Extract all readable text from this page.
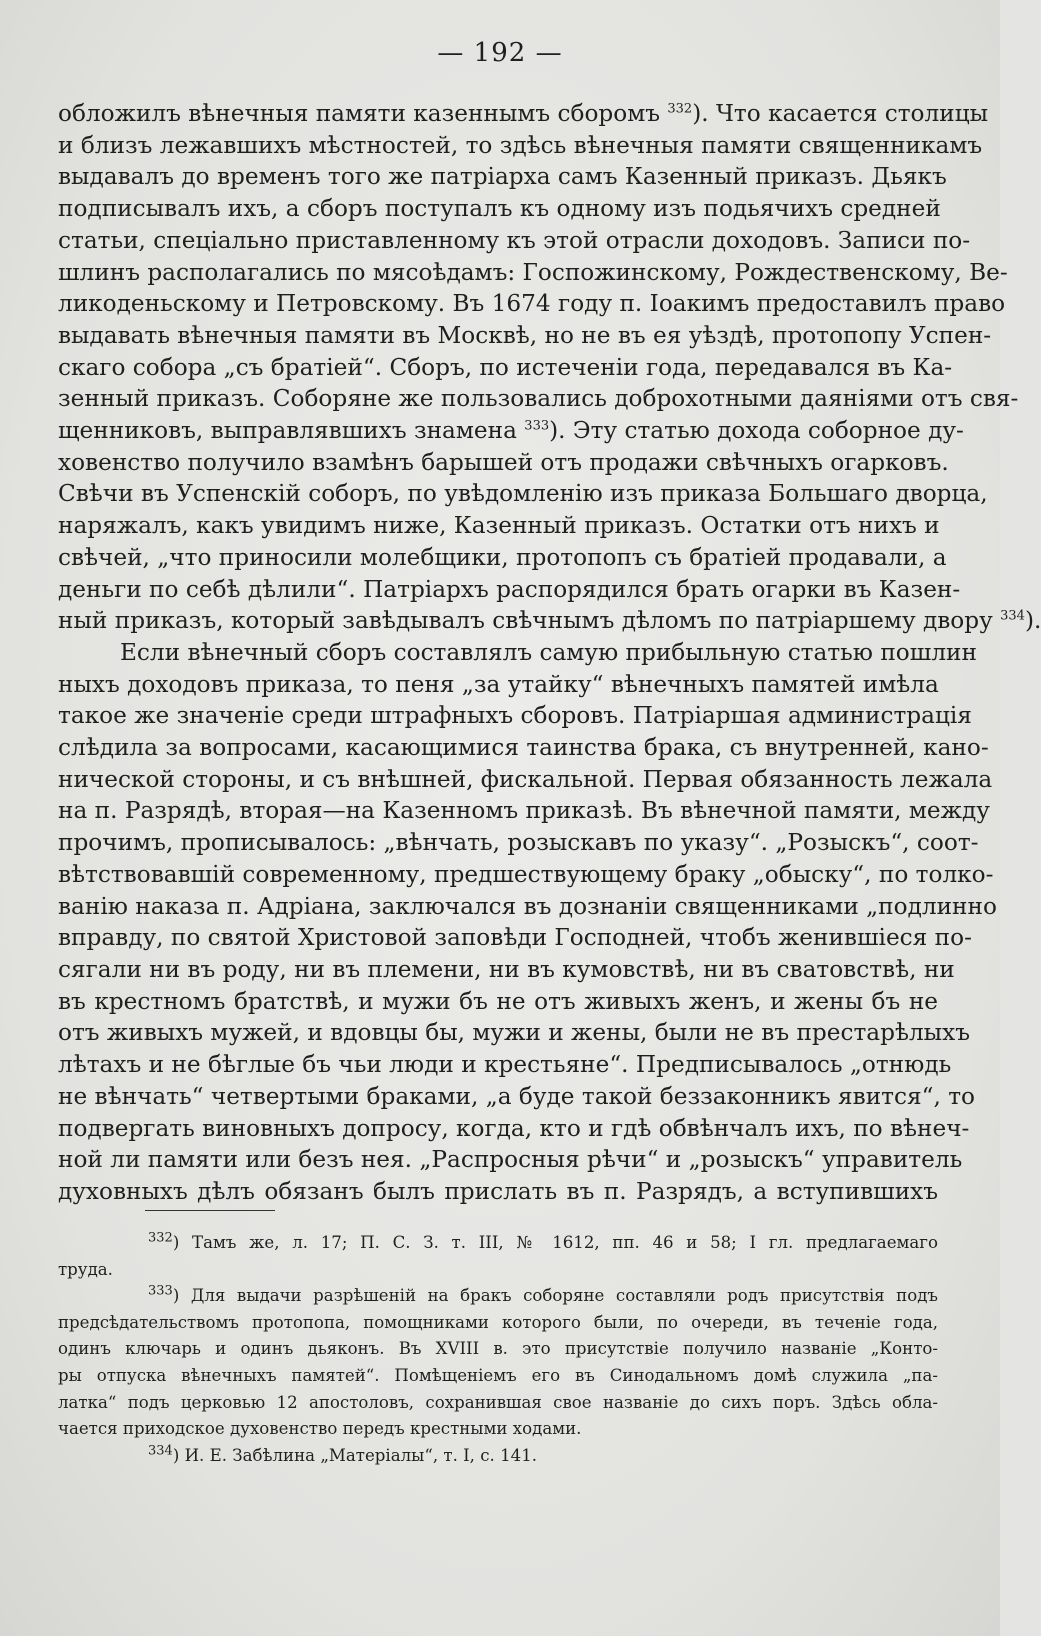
— 192 —

обложилъ вѣнечныя памяти казеннымъ сборомъ $^{332}$). Что касается столицы
и близъ лежавшихъ мѣстностей, то здѣсь вѣнечныя памяти священникамъ
выдавалъ до временъ того же патріарха самъ Казенный приказъ. Дьякъ
подписывалъ ихъ, а сборъ поступалъ къ одному изъ подьячихъ средней
статьи, спеціально приставленному къ этой отрасли доходовъ. Записи по-
шлинъ располагались по мясоѣдамъ: Госпожинскому, Рождественскому, Ве-
ликоденьскому и Петровскому. Въ 1674 году п. Іоакимъ предоставилъ право
выдавать вѣнечныя памяти въ Москвѣ, но не въ ея уѣздѣ, протопопу Успен-
скаго собора „съ братіей“. Сборъ, по истеченіи года, передавался въ Ка-
зенный приказъ. Соборяне же пользовались доброхотными даяніями отъ свя-
щенниковъ, выправлявшихъ знамена $^{333}$). Эту статью дохода соборное ду-
ховенство получило взамѣнъ барышей отъ продажи свѣчныхъ огарковъ.
Свѣчи въ Успенскій соборъ, по увѣдомленію изъ приказа Большаго дворца,
наряжалъ, какъ увидимъ ниже, Казенный приказъ. Остатки отъ нихъ и
свѣчей, „что приносили молебщики, протопопъ съ братіей продавали, а
деньги по себѣ дѣлили“. Патріархъ распорядился брать огарки въ Казен-
ный приказъ, который завѣдывалъ свѣчнымъ дѣломъ по патріаршему двору $^{334}$).

Если вѣнечный сборъ составлялъ самую прибыльную статью пошлин
ныхъ доходовъ приказа, то пеня „за утайку“ вѣнечныхъ памятей имѣла
такое же значеніе среди штрафныхъ сборовъ. Патріаршая администрація
слѣдила за вопросами, касающимися таинства брака, съ внутренней, кано-
нической стороны, и съ внѣшней, фискальной. Первая обязанность лежала
на п. Разрядѣ, вторая—на Казенномъ приказѣ. Въ вѣнечной памяти, между
прочимъ, прописывалось: „вѣнчать, розыскавъ по указу“. „Розыскъ“, соот-
вѣтствовавшій современному, предшествующему браку „обыску“, по толко-
ванію наказа п. Адріана, заключался въ дознаніи священниками „подлинно
вправду, по святой Христовой заповѣди Господней, чтобъ женившіеся по-
сягали ни въ роду, ни въ племени, ни въ кумовствѣ, ни въ сватовствѣ, ни
въ крестномъ братствѣ, и мужи бъ не отъ живыхъ женъ, и жены бъ не
отъ живыхъ мужей, и вдовцы бы, мужи и жены, были не въ престарѣлыхъ
лѣтахъ и не бѣглые бъ чьи люди и крестьяне“. Предписывалось „отнюдь
не вѣнчать“ четвертыми браками, „а буде такой беззаконникъ явится“, то
подвергать виновныхъ допросу, когда, кто и гдѣ обвѣнчалъ ихъ, по вѣнеч-
ной ли памяти или безъ нея. „Распросныя рѣчи“ и „розыскъ“ управитель
духовныхъ дѣлъ обязанъ былъ прислать въ п. Разрядъ, а вступившихъ

$^{332}$) Тамъ же, л. 17; П. С. З. т. III, № 1612, пп. 46 и 58; I гл. предлагаемаго
труда.

$^{333}$) Для выдачи разрѣшеній на бракъ соборяне составляли родъ присутствія подъ
предсѣдательствомъ протопопа, помощниками которого были, по очереди, въ теченіе года,
одинъ ключарь и одинъ дьяконъ. Въ XVIII в. это присутствіе получило названіе „Конто-
ры отпуска вѣнечныхъ памятей“. Помѣщеніемъ его въ Синодальномъ домѣ служила „па-
латка“ подъ церковью 12 апостоловъ, сохранившая свое названіе до сихъ поръ. Здѣсь облa-
чается приходское духовенство передъ крестными ходами.

$^{334}$) И. Е. Забѣлина „Матеріалы“, т. I, с. 141.
